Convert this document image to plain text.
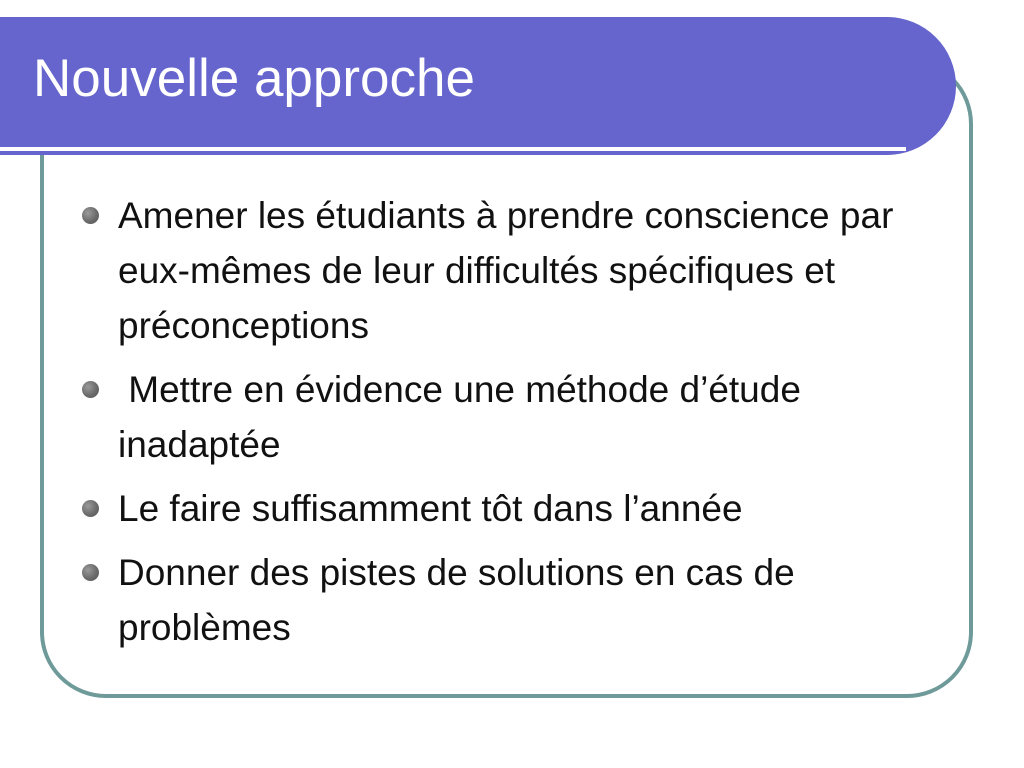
Nouvelle approche
Amener les étudiants à prendre conscience par eux-mêmes de leur difficultés spécifiques et préconceptions
Mettre en évidence une méthode d’étude inadaptée
Le faire suffisamment tôt dans l’année
Donner des pistes de solutions en cas de problèmes
